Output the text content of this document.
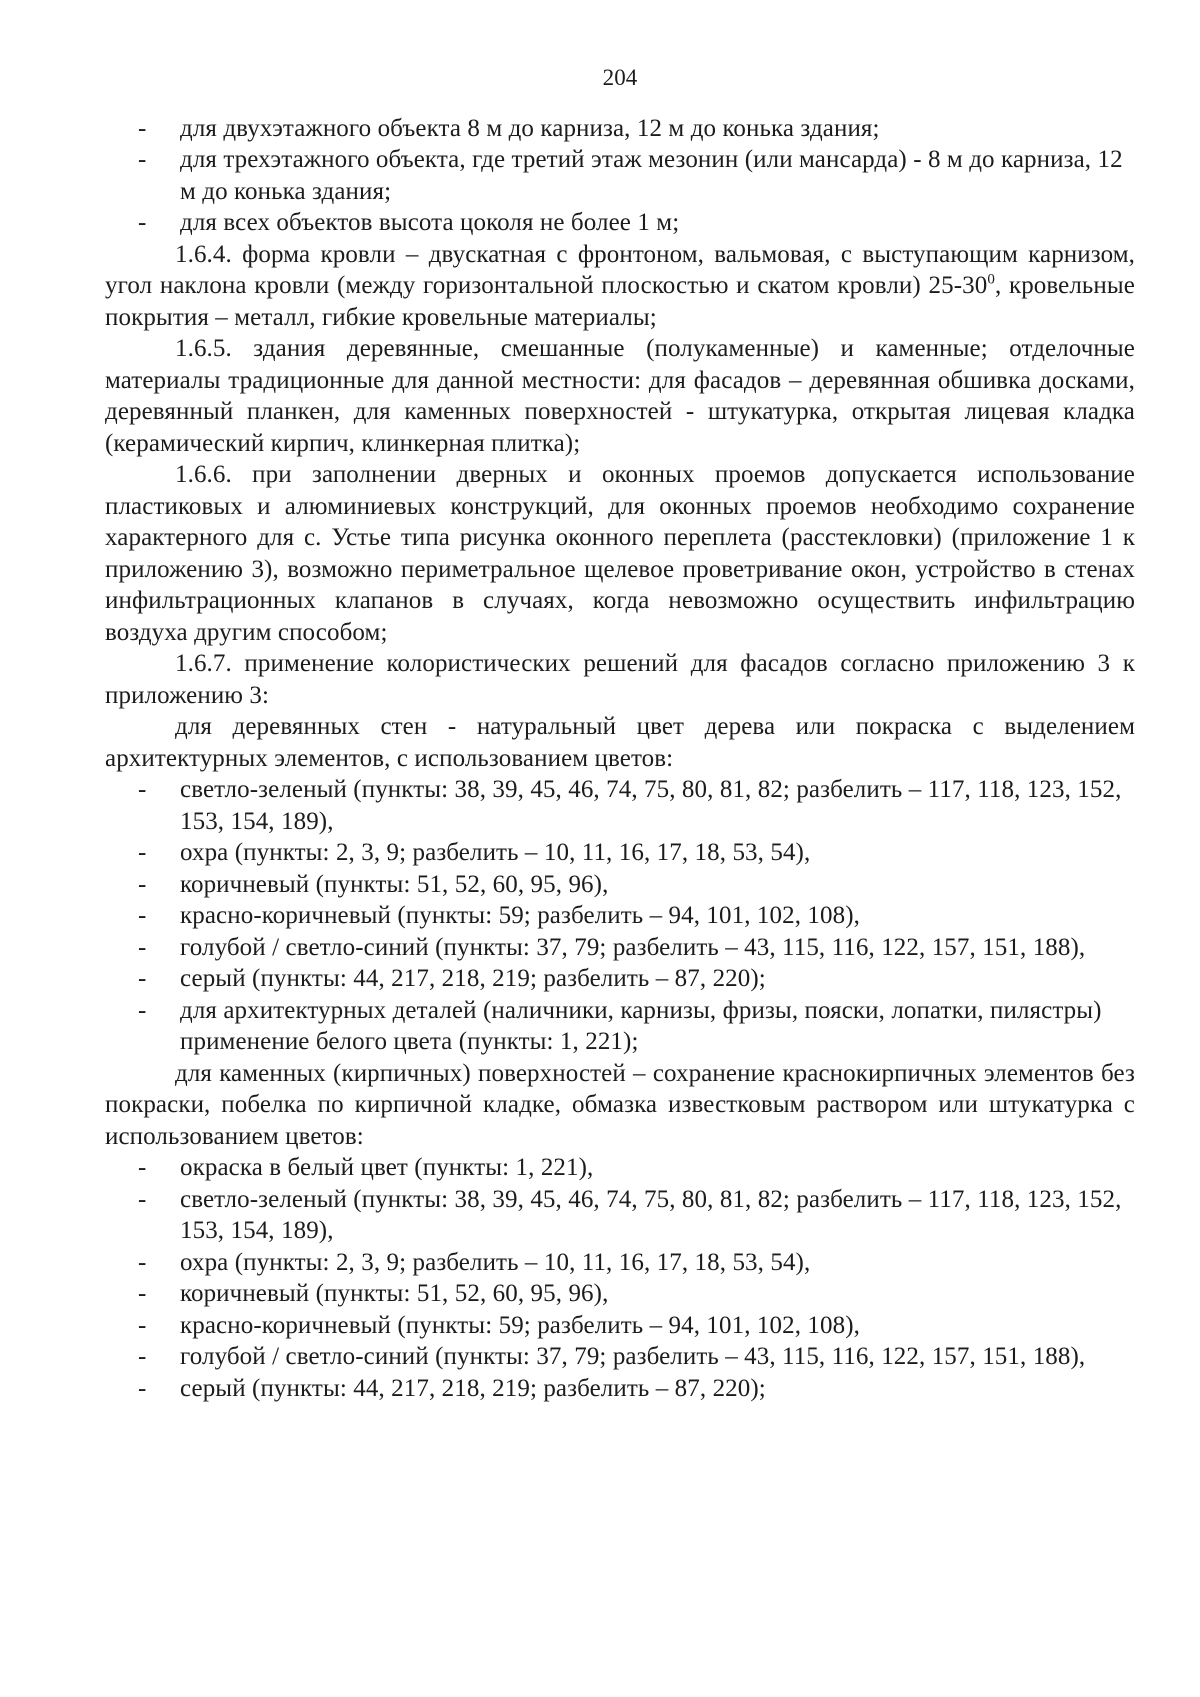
204
- для двухэтажного объекта 8 м до карниза, 12 м до конька здания;
- для трехэтажного объекта, где третий этаж мезонин (или мансарда) - 8 м до карниза, 12 м до конька здания;
- для всех объектов высота цоколя не более 1 м;
1.6.4. форма кровли – двускатная с фронтоном, вальмовая, с выступающим карнизом, угол наклона кровли (между горизонтальной плоскостью и скатом кровли) $25-30^0$, кровельные покрытия – металл, гибкие кровельные материалы;
1.6.5. здания деревянные, смешанные (полукаменные) и каменные; отделочные материалы традиционные для данной местности: для фасадов – деревянная обшивка досками, деревянный планкен, для каменных поверхностей - штукатурка, открытая лицевая кладка (керамический кирпич, клинкерная плитка);
1.6.6. при заполнении дверных и оконных проемов допускается использование пластиковых и алюминиевых конструкций, для оконных проемов необходимо сохранение характерного для с. Устье типа рисунка оконного переплета (расстекловки) (приложение 1 к приложению 3), возможно периметральное щелевое проветривание окон, устройство в стенах инфильтрационных клапанов в случаях, когда невозможно осуществить инфильтрацию воздуха другим способом;
1.6.7. применение колористических решений для фасадов согласно приложению 3 к приложению 3:
для деревянных стен - натуральный цвет дерева или покраска с выделением архитектурных элементов, с использованием цветов:
- светло-зеленый (пункты: 38, 39, 45, 46, 74, 75, 80, 81, 82; разбелить – 117, 118, 123, 152, 153, 154, 189),
- охра (пункты: 2, 3, 9; разбелить – 10, 11, 16, 17, 18, 53, 54),
- коричневый (пункты: 51, 52, 60, 95, 96),
- красно-коричневый (пункты: 59; разбелить – 94, 101, 102, 108),
- голубой / светло-синий (пункты: 37, 79; разбелить – 43, 115, 116, 122, 157, 151, 188),
- серый (пункты: 44, 217, 218, 219; разбелить – 87, 220);
- для архитектурных деталей (наличники, карнизы, фризы, пояски, лопатки, пилястры) применение белого цвета (пункты: 1, 221);
для каменных (кирпичных) поверхностей – сохранение краснокирпичных элементов без покраски, побелка по кирпичной кладке, обмазка известковым раствором или штукатурка с использованием цветов:
- окраска в белый цвет (пункты: 1, 221),
- светло-зеленый (пункты: 38, 39, 45, 46, 74, 75, 80, 81, 82; разбелить – 117, 118, 123, 152, 153, 154, 189),
- охра (пункты: 2, 3, 9; разбелить – 10, 11, 16, 17, 18, 53, 54),
- коричневый (пункты: 51, 52, 60, 95, 96),
- красно-коричневый (пункты: 59; разбелить – 94, 101, 102, 108),
- голубой / светло-синий (пункты: 37, 79; разбелить – 43, 115, 116, 122, 157, 151, 188),
- серый (пункты: 44, 217, 218, 219; разбелить – 87, 220);
